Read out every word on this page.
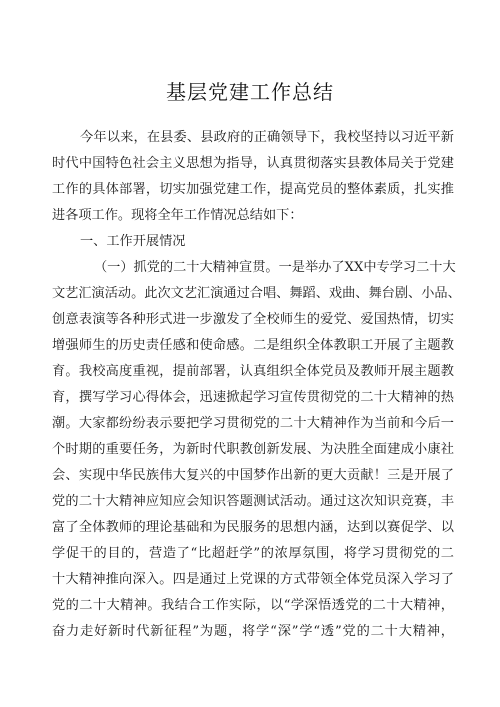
基层党建工作总结
今年以来，在县委、县政府的正确领导下，我校坚持以习近平新
时代中国特色社会主义思想为指导，认真贯彻落实县教体局关于党建
工作的具体部署，切实加强党建工作，提高党员的整体素质，扎实推
进各项工作。现将全年工作情况总结如下：
一、工作开展情况
（一）抓党的二十大精神宣贯。一是举办了XX中专学习二十大
文艺汇演活动。此次文艺汇演通过合唱、舞蹈、戏曲、舞台剧、小品、
创意表演等各种形式进一步激发了全校师生的爱党、爱国热情，切实
增强师生的历史责任感和使命感。二是组织全体教职工开展了主题教
育。我校高度重视，提前部署，认真组织全体党员及教师开展主题教
育，撰写学习心得体会，迅速掀起学习宣传贯彻党的二十大精神的热
潮。大家都纷纷表示要把学习贯彻党的二十大精神作为当前和今后一
个时期的重要任务，为新时代职教创新发展、为决胜全面建成小康社
会、实现中华民族伟大复兴的中国梦作出新的更大贡献！三是开展了
党的二十大精神应知应会知识答题测试活动。通过这次知识竞赛，丰
富了全体教师的理论基础和为民服务的思想内涵，达到以赛促学、以
学促干的目的，营造了“比超赶学”的浓厚氛围，将学习贯彻党的二
十大精神推向深入。四是通过上党课的方式带领全体党员深入学习了
党的二十大精神。我结合工作实际，以“学深悟透党的二十大精神，
奋力走好新时代新征程”为题，将学“深”学“透”党的二十大精神，
